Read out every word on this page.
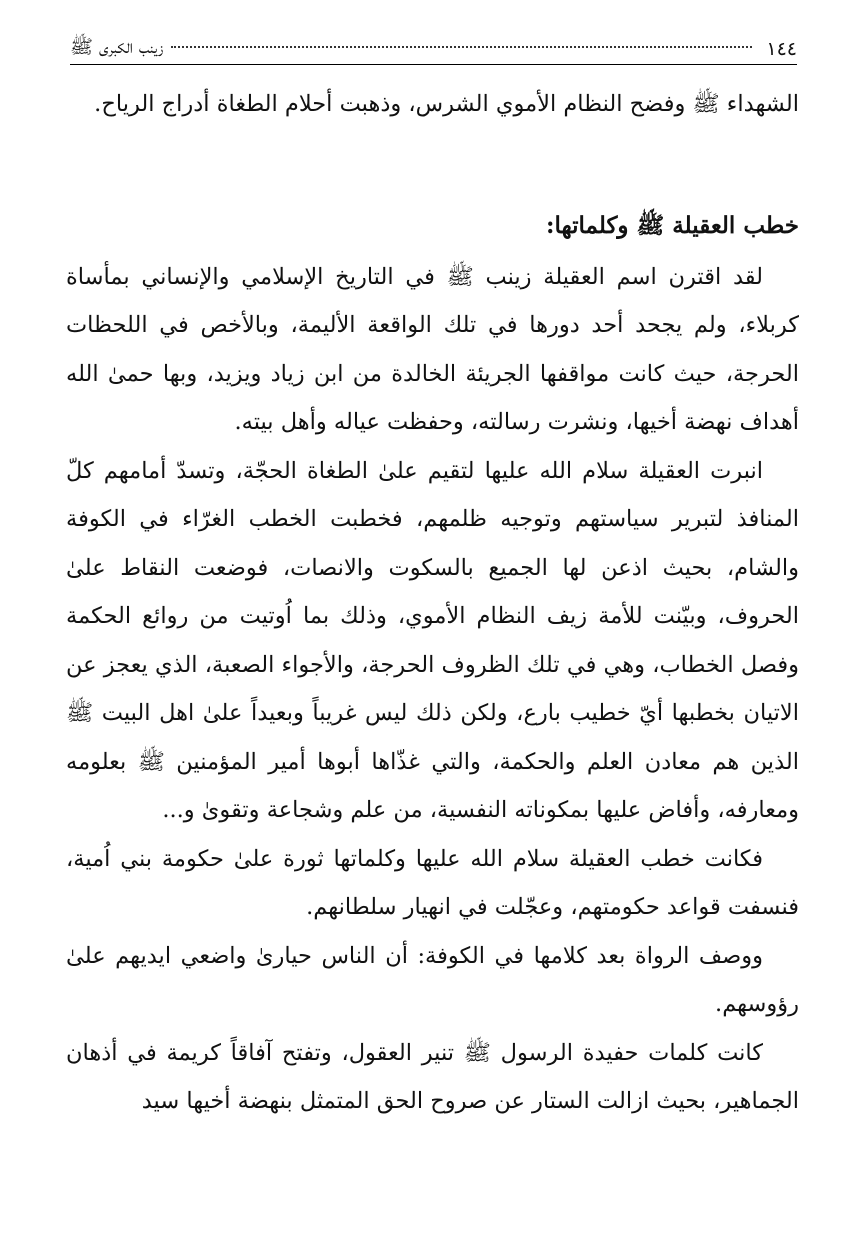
١٤٤
زينب الكبرى ﷺ

الشهداء ﷺ وفضح النظام الأموي الشرس، وذهبت أحلام الطغاة أدراج الرياح.

خطب العقيلة ﷺ وكلماتها:

لقد اقترن اسم العقيلة زينب ﷺ في التاريخ الإسلامي والإنساني بمأساة كربلاء، ولم يجحد أحد دورها في تلك الواقعة الأليمة، وبالأخص في اللحظات الحرجة، حيث كانت مواقفها الجريئة الخالدة من ابن زياد ويزيد، وبها حمىٰ الله أهداف نهضة أخيها، ونشرت رسالته، وحفظت عياله وأهل بيته.

انبرت العقيلة سلام الله عليها لتقيم علىٰ الطغاة الحجّة، وتسدّ أمامهم كلّ المنافذ لتبرير سياستهم وتوجيه ظلمهم، فخطبت الخطب الغرّاء في الكوفة والشام، بحيث اذعن لها الجميع بالسكوت والانصات، فوضعت النقاط علىٰ الحروف، وبيّنت للأمة زيف النظام الأموي، وذلك بما اُوتيت من روائع الحكمة وفصل الخطاب، وهي في تلك الظروف الحرجة، والأجواء الصعبة، الذي يعجز عن الاتيان بخطبها أيّ خطيب بارع، ولكن ذلك ليس غريباً وبعيداً علىٰ اهل البيت ﷺ الذين هم معادن العلم والحكمة، والتي غذّاها أبوها أمير المؤمنين ﷺ بعلومه ومعارفه، وأفاض عليها بمكوناته النفسية، من علم وشجاعة وتقوىٰ و...

فكانت خطب العقيلة سلام الله عليها وكلماتها ثورة علىٰ حكومة بني اُمية، فنسفت قواعد حكومتهم، وعجّلت في انهيار سلطانهم.

ووصف الرواة بعد كلامها في الكوفة: أن الناس حيارىٰ واضعي ايديهم علىٰ رؤوسهم.

كانت كلمات حفيدة الرسول ﷺ تنير العقول، وتفتح آفاقاً كريمة في أذهان الجماهير، بحيث ازالت الستار عن صروح الحق المتمثل بنهضة أخيها سيد
